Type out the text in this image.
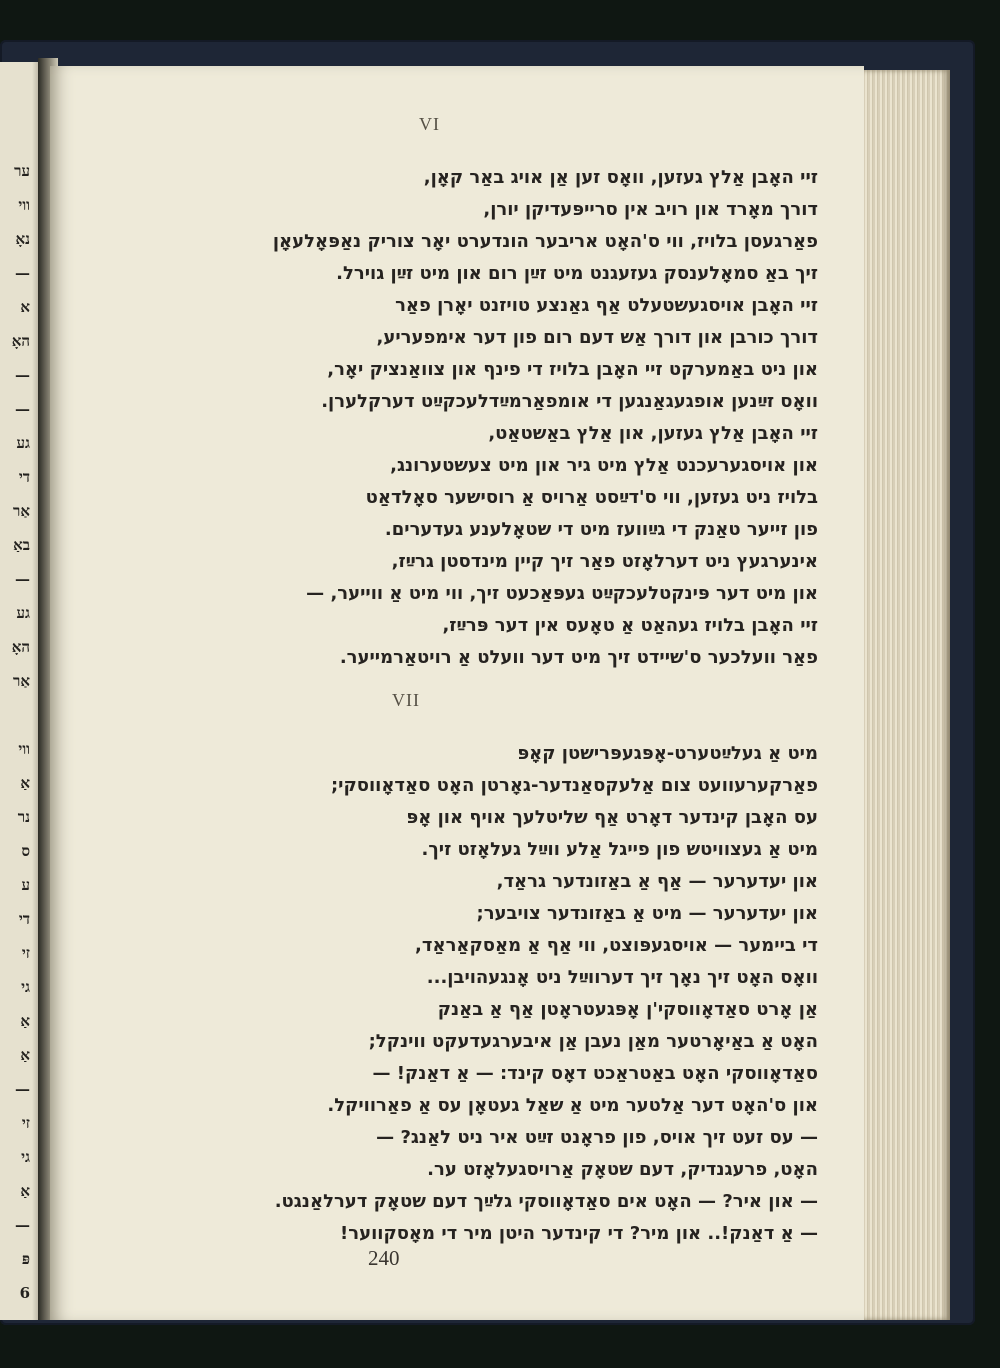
ער
ווי
נאָ
—
א
האָ
—
—
גע
די
אַר
באַ
—
גע
האָ
אַר
ווי
אַ
נר
ס
ע
די
זי
גי
אַ
אַ
—
זי
גי
אַ
—
פּ
6
VI
זיי האָבן אַלץ געזען, וואָס זען אַן אויג באַר קאָן,
דורך מאָרד און רויב אין סרייפּעדיקן יורן,
פאַרגעסן בלויז, ווי ס'האָט אריבער הונדערט יאָר צוריק נאַפּאָלעאָן
זיך באַ סמאָלענסק געזעגנט מיט זײַן רום און מיט זײַן גוירל.
זיי האָבן אויסגעשטעלט אַף גאַנצע טויזנט יאָרן פאַר
דורך כורבן און דורך אַש דעם רום פון דער אימפעריע,
און ניט באַמערקט זיי האָבן בלויז די פינף און צוואַנציק יאָר,
וואָס זײַנען אופגעגאַנגען די אומפאַרמײַדלעכקײַט דערקלערן.
זיי האָבן אַלץ געזען, און אַלץ באַשטאַט,
און אויסגערעכנט אַלץ מיט גיר און מיט צעשטערונג,
בלויז ניט געזען, ווי ס'דײַסט אַרויס אַ רוסישער סאָלדאַט
פון זייער טאַנק די גײַוועז מיט די שטאָלענע געדערים.
אינערגעץ ניט דערלאָזט פאַר זיך קיין מינדסטן גרײַז,
און מיט דער פּינקטלעכקײַט געפּאַכעט זיך, ווי מיט אַ ווייער, —
זיי האָבן בלויז געהאַט אַ טאָעס אין דער פּרײַז,
פאַר וועלכער ס'שיידט זיך מיט דער וועלט אַ רויטאַרמייער.
VII
מיט אַ געלײַטערט-אָפּגעפּרישטן קאָפּ
פאַרקערעוועט צום אַלעקסאַנדער-גאָרטן האָט סאַדאָווסקי;
עס האָבן קינדער דאָרט אַף שליטלעך אויף און אָפּ
מיט אַ געצוויטש פון פייגל אַלע ווײַל געלאָזט זיך.
און יעדערער — אַף אַ באַזונדער גראַד,
און יעדערער — מיט אַ באַזונדער צויבער;
די ביימער — אויסגעפּוצט, ווי אַף אַ מאַסקאַראַד,
וואָס האָט זיך נאָך זיך דערווײַל ניט אָנגעהויבן...
אַן אָרט סאַדאָווסקי'ן אָפּגעטראָטן אַף אַ באַנק
האָט אַ באַיאָרטער מאַן נעבן אַן איבערגעדעקט ווינקל;
סאַדאָווסקי האָט באַטראַכט דאָס קינד: — אַ דאַנק! —
און ס'האָט דער אַלטער מיט אַ שאַל געטאָן עס אַ פאַרוויקל.
— עס זעט זיך אויס, פון פראָנט זײַט איר ניט לאַנג? —
האָט, פרעגנדיק, דעם שטאָק אַרויסגעלאָזט ער.
— און איר? — האָט אים סאַדאָווסקי גלײַך דעם שטאָק דערלאַנגט.
— אַ דאַנק!.. און מיר? די קינדער היטן מיר די מאָסקווער!
240
